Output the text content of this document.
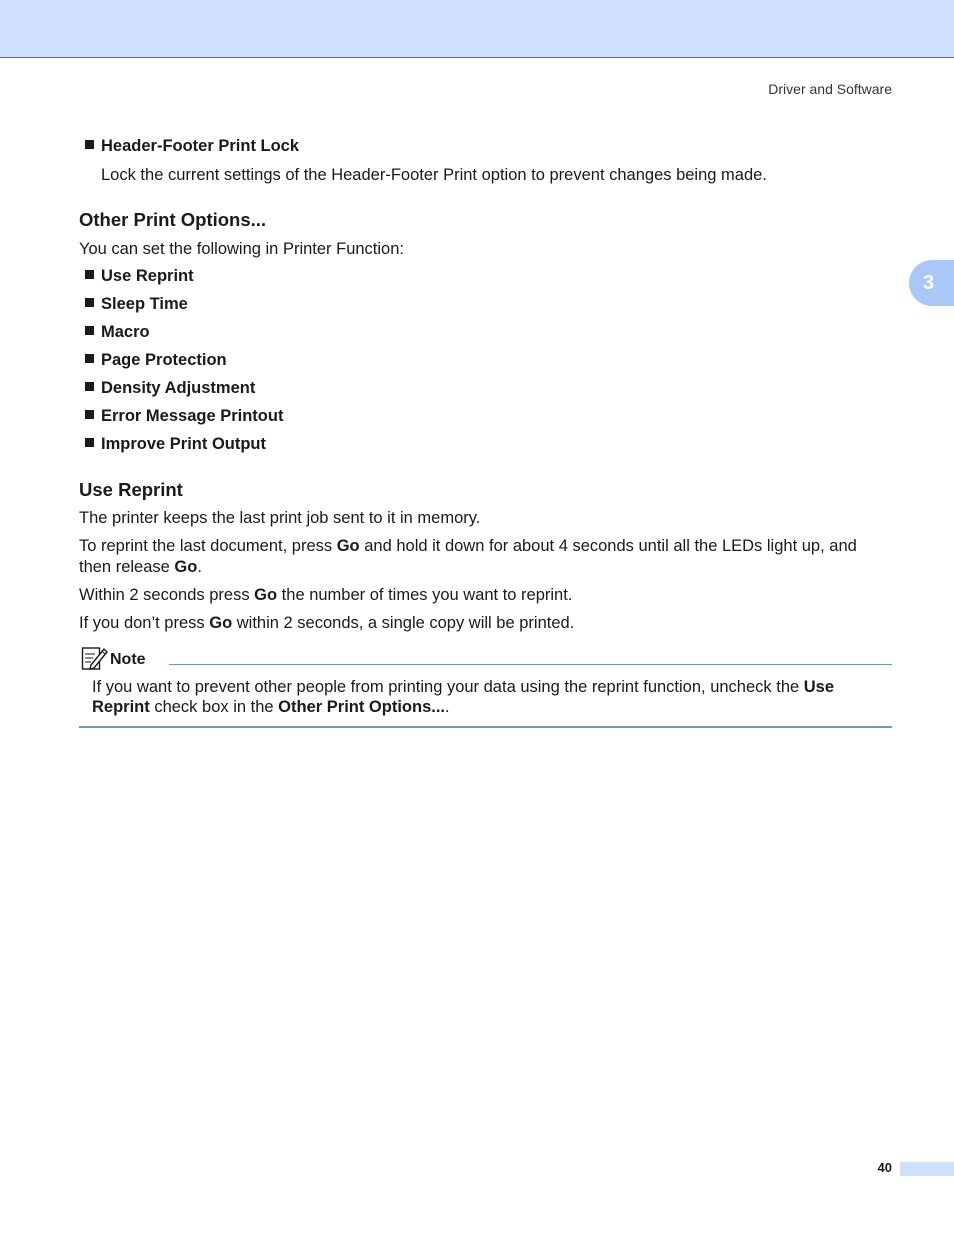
Driver and Software
3
Header-Footer Print Lock
Lock the current settings of the Header-Footer Print option to prevent changes being made.
Other Print Options...
You can set the following in Printer Function:
Use Reprint
Sleep Time
Macro
Page Protection
Density Adjustment
Error Message Printout
Improve Print Output
Use Reprint
The printer keeps the last print job sent to it in memory.
To reprint the last document, press Go and hold it down for about 4 seconds until all the LEDs light up, and then release Go.
Within 2 seconds press Go the number of times you want to reprint.
If you don’t press Go within 2 seconds, a single copy will be printed.
Note
If you want to prevent other people from printing your data using the reprint function, uncheck the Use Reprint check box in the Other Print Options....
40
